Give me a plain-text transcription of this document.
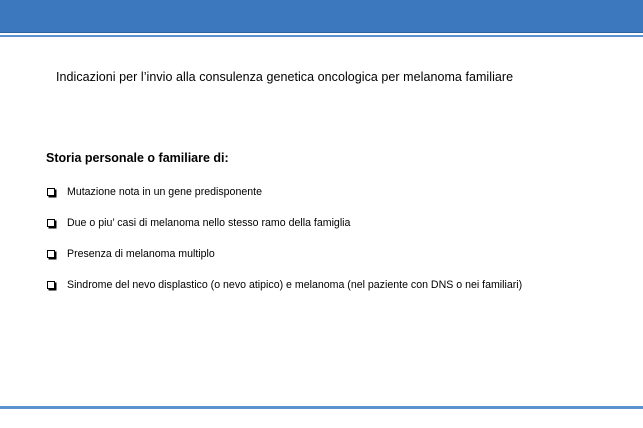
Indicazioni per l’invio alla consulenza genetica oncologica per melanoma familiare
Storia personale o familiare di:
Mutazione nota in un gene predisponente
Due o piu’ casi di melanoma nello stesso ramo della famiglia
Presenza di melanoma multiplo
Sindrome del nevo displastico (o nevo atipico) e melanoma (nel paziente con DNS o nei familiari)
